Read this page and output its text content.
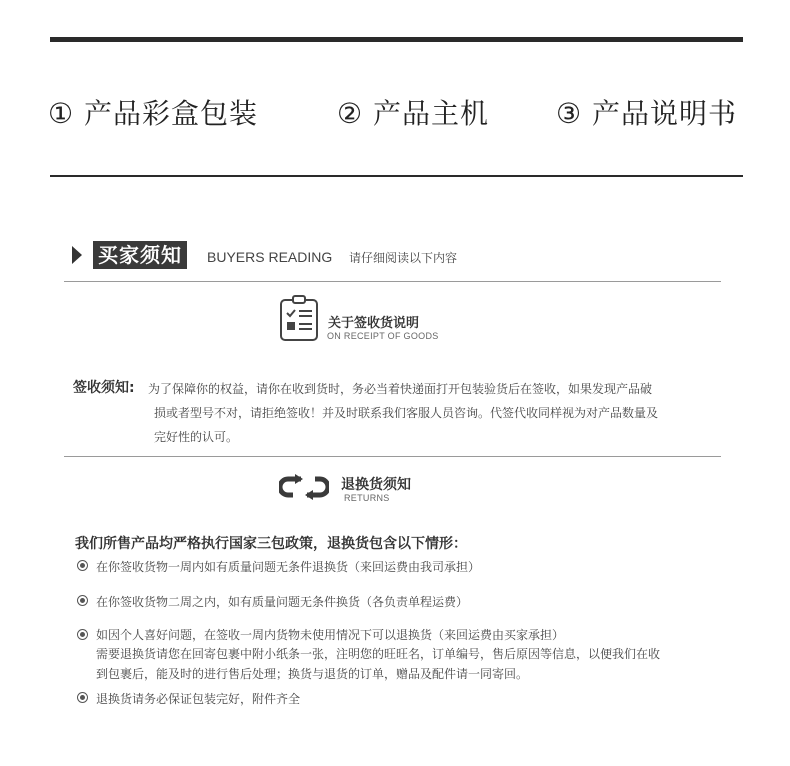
① 产品彩盒包装	② 产品主机 ③ 产品说明书
买家须知	BUYERS READING 请仔细阅读以下内容
关于签收货说明
ON RECEIPT OF GOODS
签收须知: 为了保障你的权益，请你在收到货时，务必当着快递面打开包装验货后在签收，如果发现产品破
损或者型号不对，请拒绝签收！并及时联系我们客服人员咨询。代签代收同样视为对产品数量及
完好性的认可。
退换货须知
RETURNS
我们所售产品均严格执行国家三包政策，退换货包含以下情形：
在你签收货物一周内如有质量问题无条件退换货（来回运费由我司承担）
在你签收货物二周之内，如有质量问题无条件换货（各负责单程运费）
如因个人喜好问题，在签收一周内货物未使用情况下可以退换货（来回运费由买家承担）
需要退换货请您在回寄包裹中附小纸条一张，注明您的旺旺名，订单编号，售后原因等信息，以便我们在收
到包裹后，能及时的进行售后处理；换货与退货的订单，赠品及配件请一同寄回。
退换货请务必保证包装完好，附件齐全
